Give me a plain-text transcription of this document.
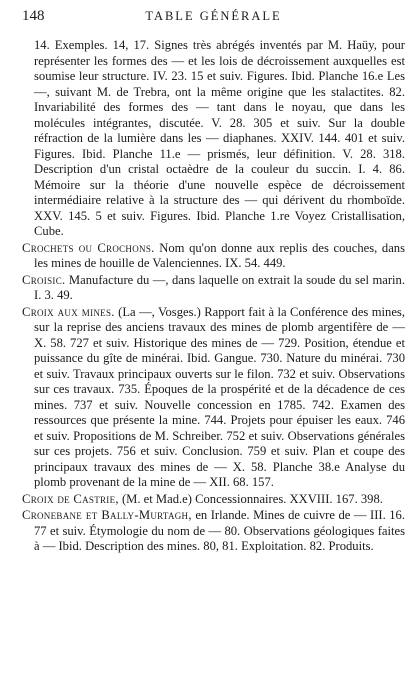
148	TABLE GÉNÉRALE

14. Exemples. 14, 17. Signes très abrégés inventés par M. Haüy, pour représenter les formes des — et les lois de décroissement auxquelles est soumise leur structure. IV. 23. 15 et suiv. Figures. Ibid. Planche 16.e Les —, suivant M. de Trebra, ont la même origine que les stalactites. 82. Invariabilité des formes des — tant dans le noyau, que dans les molécules intégrantes, discutée. V. 28. 305 et suiv. Sur la double réfraction de la lumière dans les — diaphanes. XXIV. 144. 401 et suiv. Figures. Ibid. Planche 11.e — prismés, leur définition. V. 28. 318. Description d'un cristal octaèdre de la couleur du succin. I. 4. 86. Mémoire sur la théorie d'une nouvelle espèce de décroissement intermédiaire relative à la structure des — qui dérivent du rhomboïde. XXV. 145. 5 et suiv. Figures. Ibid. Planche 1.re Voyez Cristallisation, Cube.

Crochets ou Crochons. Nom qu'on donne aux replis des couches, dans les mines de houille de Valenciennes. IX. 54. 449.

Croisic. Manufacture du —, dans laquelle on extrait la soude du sel marin. I. 3. 49.

Croix aux mines. (La —, Vosges.) Rapport fait à la Conférence des mines, sur la reprise des anciens travaux des mines de plomb argentifère de — X. 58. 727 et suiv. Historique des mines de — 729. Position, étendue et puissance du gîte de minérai. Ibid. Gangue. 730. Nature du minérai. 730 et suiv. Travaux principaux ouverts sur le filon. 732 et suiv. Observations sur ces travaux. 735. Époques de la prospérité et de la décadence de ces mines. 737 et suiv. Nouvelle concession en 1785. 742. Examen des ressources que présente la mine. 744. Projets pour épuiser les eaux. 746 et suiv. Propositions de M. Schreiber. 752 et suiv. Observations générales sur ces projets. 756 et suiv. Conclusion. 759 et suiv. Plan et coupe des principaux travaux des mines de — X. 58. Planche 38.e Analyse du plomb provenant de la mine de — XII. 68. 157.

Croix de Castrie, (M. et Mad.e) Concessionnaires. XXVIII. 167. 398.

Cronebane et Bally-Murtagh, en Irlande. Mines de cuivre de — III. 16. 77 et suiv. Étymologie du nom de — 80. Observations géologiques faites à — Ibid. Description des mines. 80, 81. Exploitation. 82. Produits.
